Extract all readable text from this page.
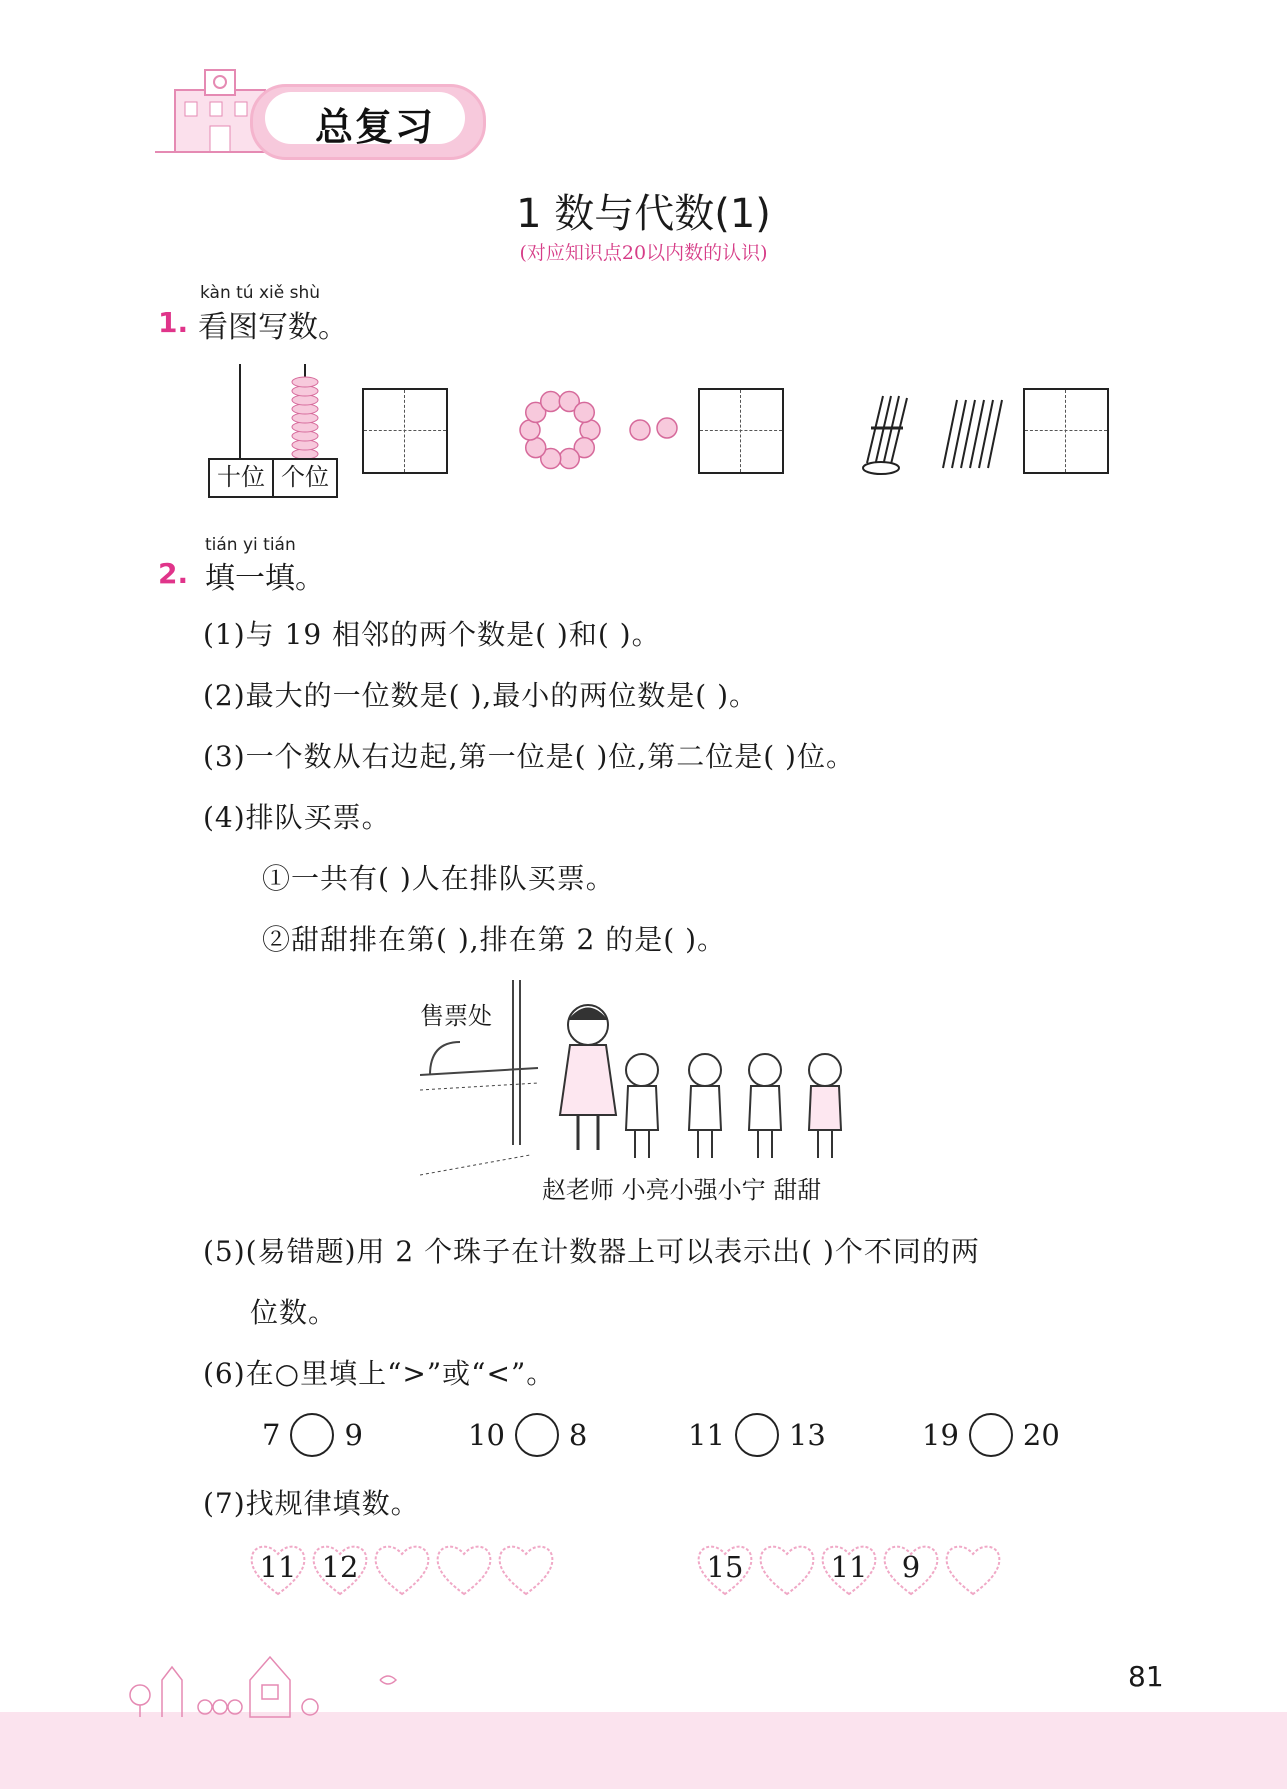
总复习
1 数与代数(1)
(对应知识点20以内数的认识)
kàn tú xiě shù
1. 看图写数。
十位 个位
tián yi tián
2. 填一填。
(1)与 19 相邻的两个数是( )和( )。
(2)最大的一位数是( ),最小的两位数是( )。
(3)一个数从右边起,第一位是( )位,第二位是( )位。
(4)排队买票。
①一共有( )人在排队买票。
②甜甜排在第( ),排在第 2 的是( )。
售票处
赵老师 小亮小强小宁 甜甜
(5)(易错题)用 2 个珠子在计数器上可以表示出( )个不同的两
位数。
(6)在○里填上“>”或“<”。
7 9	10 8	11 13	19 20
(7)找规律填数。
11 12	15	11	9
81
